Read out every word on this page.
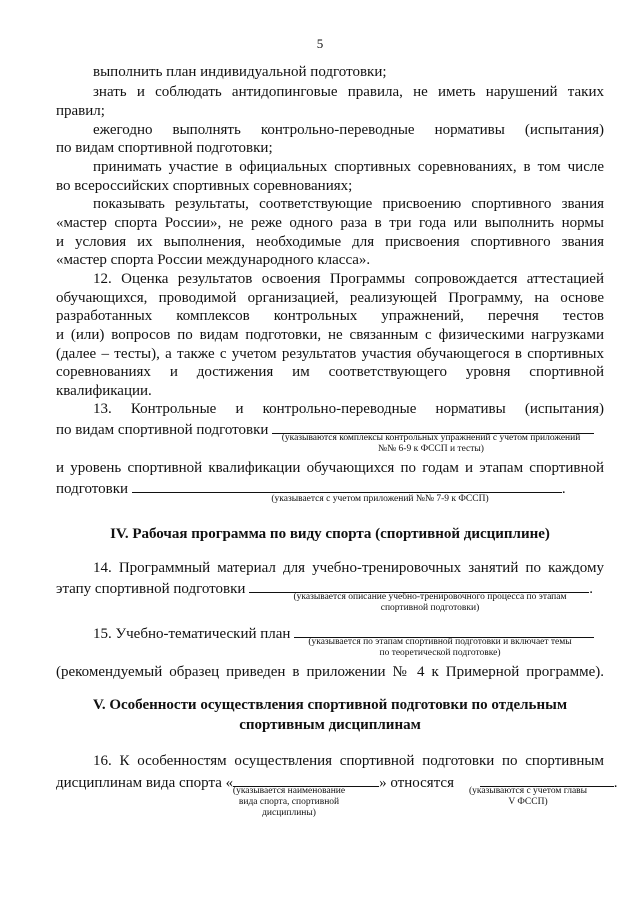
5
выполнить план индивидуальной подготовки;
знать и соблюдать антидопинговые правила, не иметь нарушений таких
правил;
ежегодно выполнять контрольно-переводные нормативы (испытания)
по видам спортивной подготовки;
принимать участие в официальных спортивных соревнованиях, в том числе
во всероссийских спортивных соревнованиях;
показывать результаты, соответствующие присвоению спортивного звания
«мастер спорта России», не реже одного раза в три года или выполнить нормы
и условия их выполнения, необходимые для присвоения спортивного звания
«мастер спорта России международного класса».
12. Оценка результатов освоения Программы сопровождается аттестацией
обучающихся, проводимой организацией, реализующей Программу, на основе
разработанных комплексов контрольных упражнений, перечня тестов
и (или) вопросов по видам подготовки, не связанным с физическими нагрузками
(далее – тесты), а также с учетом результатов участия обучающегося в спортивных
соревнованиях и достижения им соответствующего уровня спортивной
квалификации.
13. Контрольные и контрольно-переводные нормативы (испытания)
по видам спортивной подготовки	(указываются комплексы контрольных упражнений с учетом приложений
№№ 6-9 к ФССП и тесты)
и уровень спортивной квалификации обучающихся по годам и этапам спортивной
подготовки	.
(указывается с учетом приложений №№ 7-9 к ФССП)
IV. Рабочая программа по виду спорта (спортивной дисциплине)
14. Программный материал для учебно-тренировочных занятий по каждому
этапу спортивной подготовки	.
(указывается описание учебно-тренировочного процесса по этапам
спортивной подготовки)
15. Учебно-тематический план	(указывается по этапам спортивной подготовки и включает темы
по теоретической подготовке)
(рекомендуемый образец приведен в приложении № 4 к Примерной программе).
V. Особенности осуществления спортивной подготовки по отдельным
спортивным дисциплинам
16. К особенностям осуществления спортивной подготовки по спортивным
дисциплинам вида спорта «	» относятся	.
(указывается наименование
вида спорта, спортивной
дисциплины)
(указываются с учетом главы
V ФССП)
